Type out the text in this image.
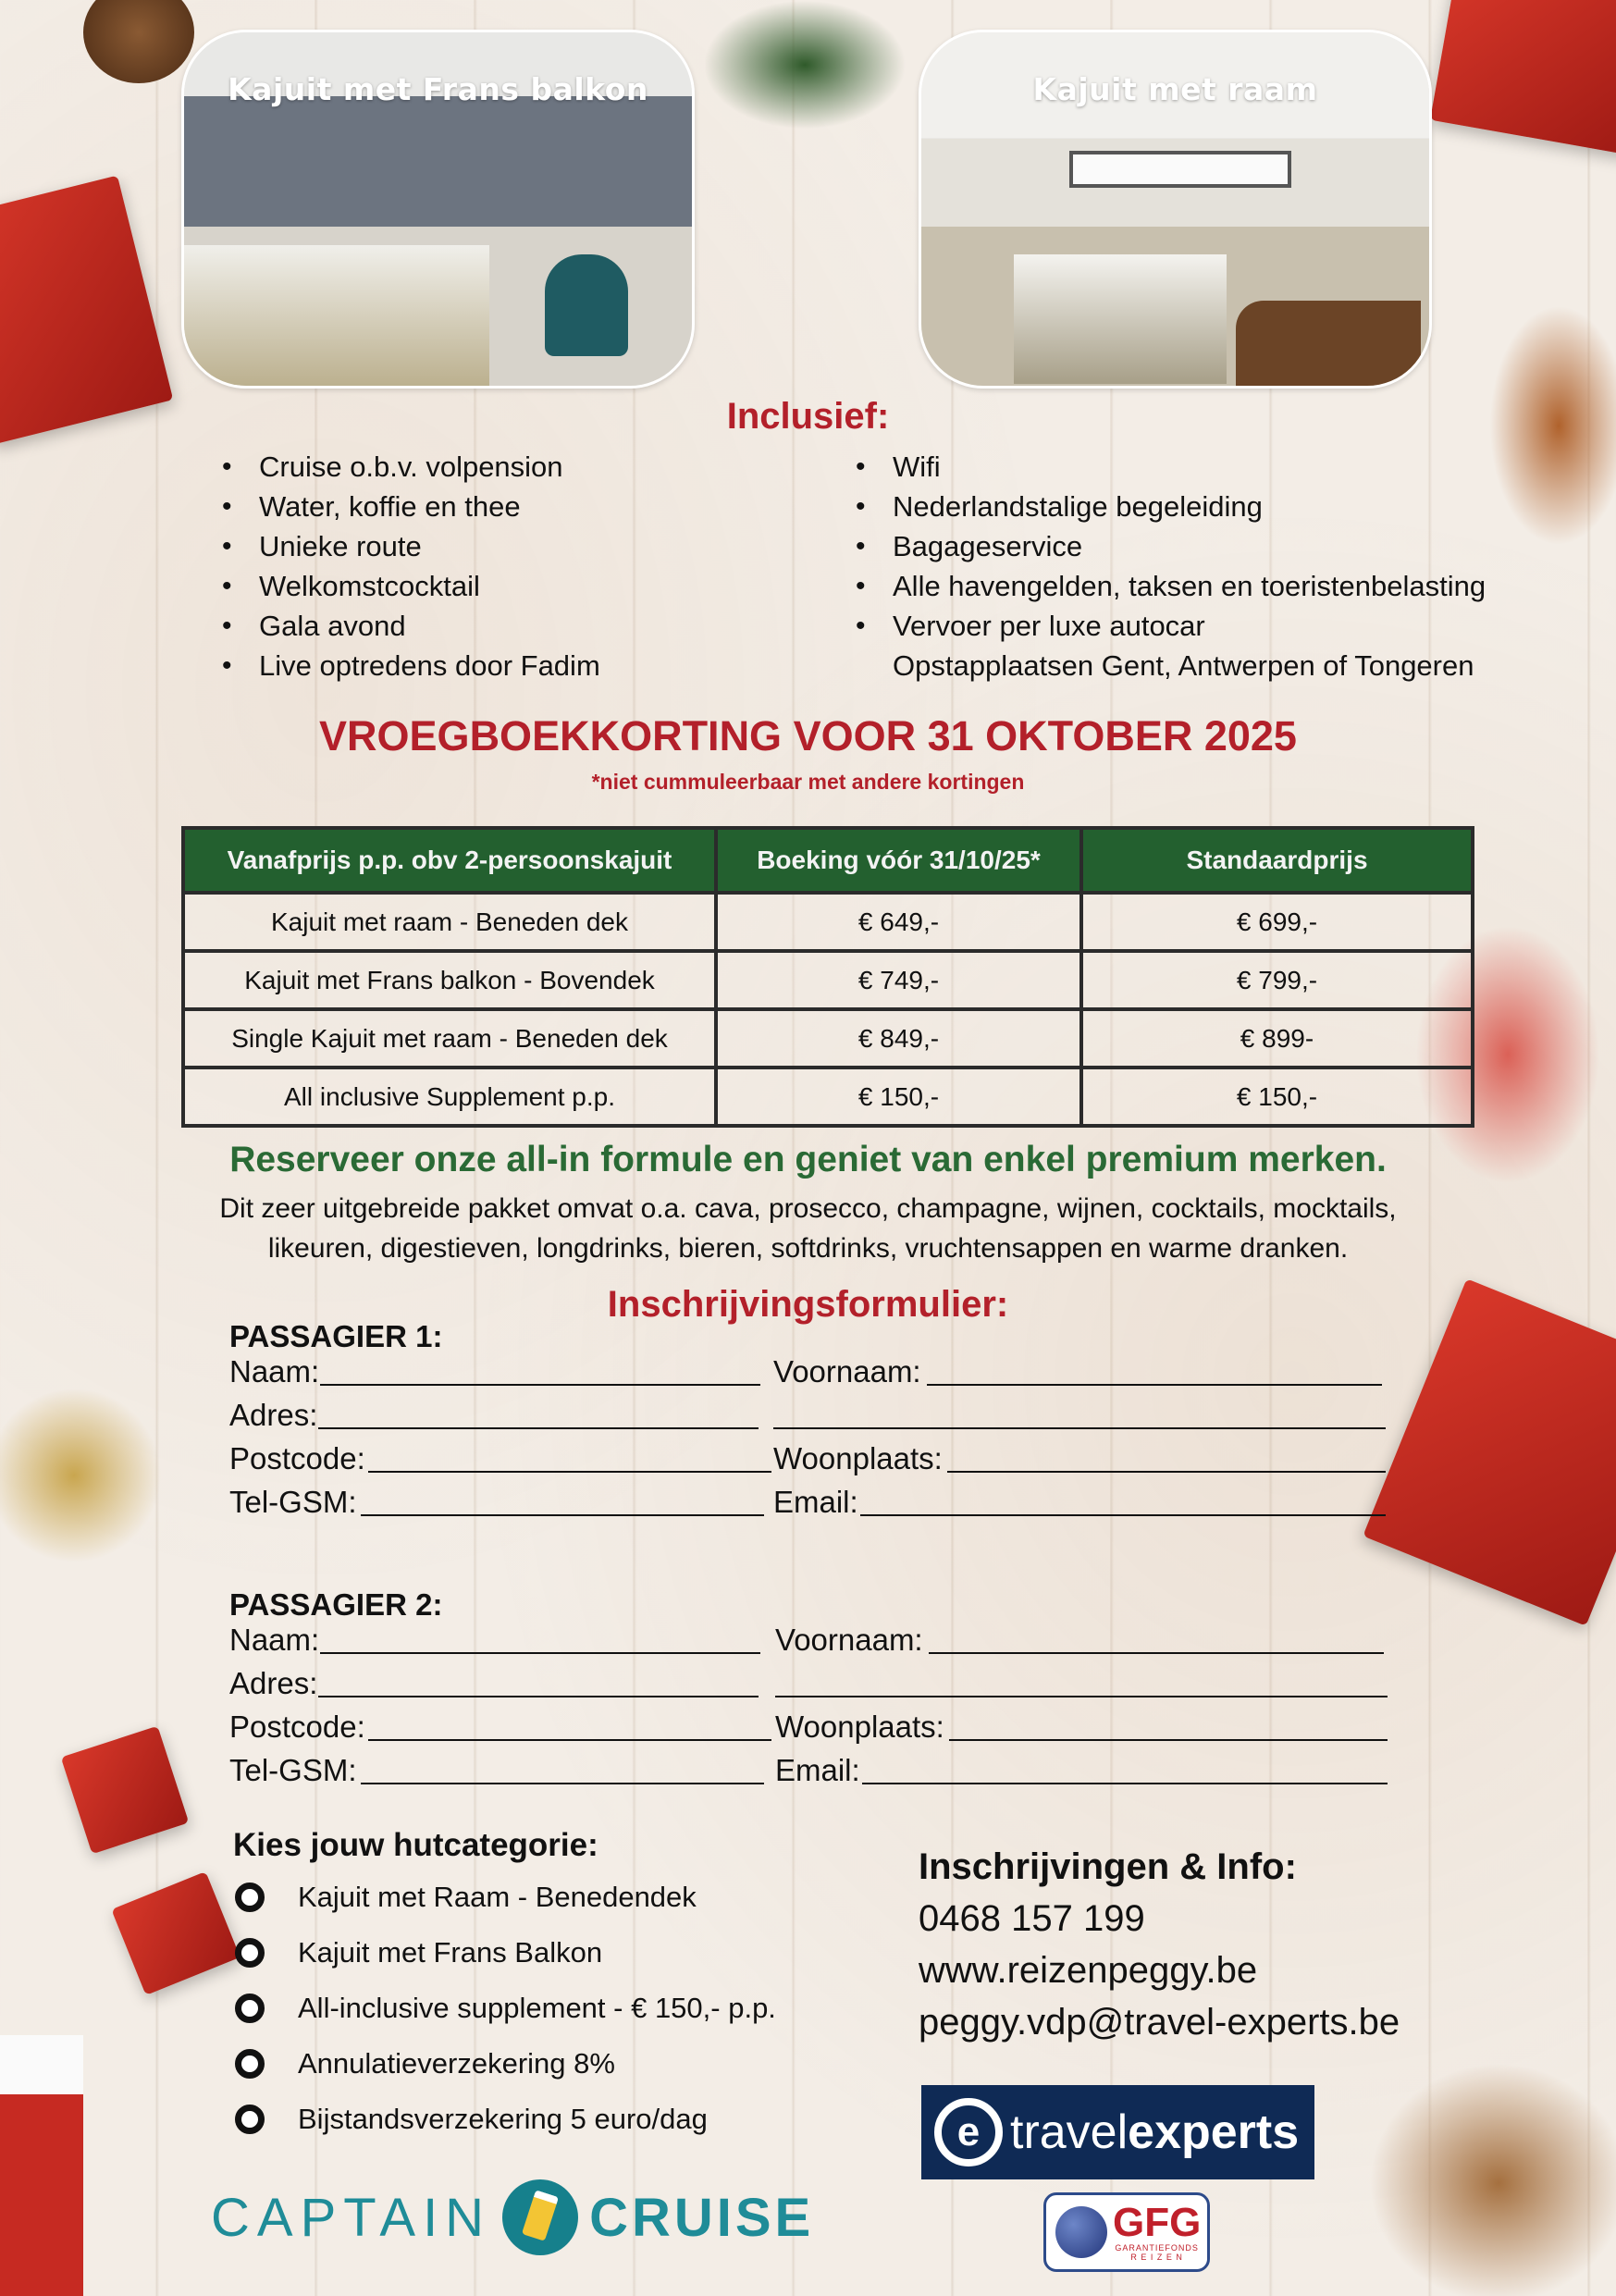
Kajuit met Frans balkon	Kajuit met raam
Inclusief:
• Cruise o.b.v. volpension
• Water, koffie en thee
• Unieke route
• Welkomstcocktail
• Gala avond
• Live optredens door Fadim
• Wifi
• Nederlandstalige begeleiding
• Bagageservice
• Alle havengelden, taksen en toeristenbelasting
• Vervoer per luxe autocar
Opstapplaatsen Gent, Antwerpen of Tongeren
VROEGBOEKKORTING VOOR 31 OKTOBER 2025
*niet cummuleerbaar met andere kortingen
Vanafprijs p.p. obv 2-persoonskajuit	Boeking vóór 31/10/25*	Standaardprijs
Kajuit met raam - Beneden dek	€ 649,-	€ 699,-
Kajuit met Frans balkon - Bovendek	€ 749,-	€ 799,-
Single Kajuit met raam - Beneden dek	€ 849,-	€ 899-
All inclusive Supplement p.p.	€ 150,-	€ 150,-
Reserveer onze all-in formule en geniet van enkel premium merken.
Dit zeer uitgebreide pakket omvat o.a. cava, prosecco, champagne, wijnen, cocktails, mocktails,
likeuren, digestieven, longdrinks, bieren, softdrinks, vruchtensappen en warme dranken.
Inschrijvingsformulier:
PASSAGIER 1:
Naam:	Voornaam:
Adres:
Postcode:	Woonplaats:
Tel-GSM:	Email:
PASSAGIER 2:
Naam:	Voornaam:
Adres:
Postcode:	Woonplaats:
Tel-GSM:	Email:
Kies jouw hutcategorie:
Kajuit met Raam - Benedendek
Kajuit met Frans Balkon
All-inclusive supplement - € 150,- p.p.
Annulatieverzekering 8%
Bijstandsverzekering 5 euro/dag
Inschrijvingen & Info:
0468 157 199
www.reizenpeggy.be
peggy.vdp@travel-experts.be
e travelexperts
GFG
GARANTIEFONDS
R E I Z E N
CAPTAIN CRUISE
